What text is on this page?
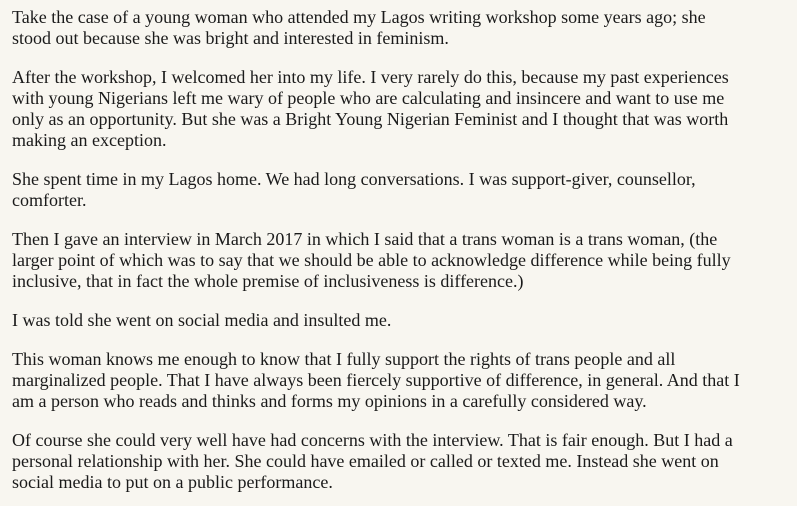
Take the case of a young woman who attended my Lagos writing workshop some years ago; she stood out because she was bright and interested in feminism.

After the workshop, I welcomed her into my life. I very rarely do this, because my past experiences with young Nigerians left me wary of people who are calculating and insincere and want to use me only as an opportunity. But she was a Bright Young Nigerian Feminist and I thought that was worth making an exception.

She spent time in my Lagos home. We had long conversations. I was support-giver, counsellor, comforter.

Then I gave an interview in March 2017 in which I said that a trans woman is a trans woman, (the larger point of which was to say that we should be able to acknowledge difference while being fully inclusive, that in fact the whole premise of inclusiveness is difference.)

I was told she went on social media and insulted me.

This woman knows me enough to know that I fully support the rights of trans people and all marginalized people. That I have always been fiercely supportive of difference, in general. And that I am a person who reads and thinks and forms my opinions in a carefully considered way.

Of course she could very well have had concerns with the interview. That is fair enough. But I had a personal relationship with her. She could have emailed or called or texted me. Instead she went on social media to put on a public performance.
